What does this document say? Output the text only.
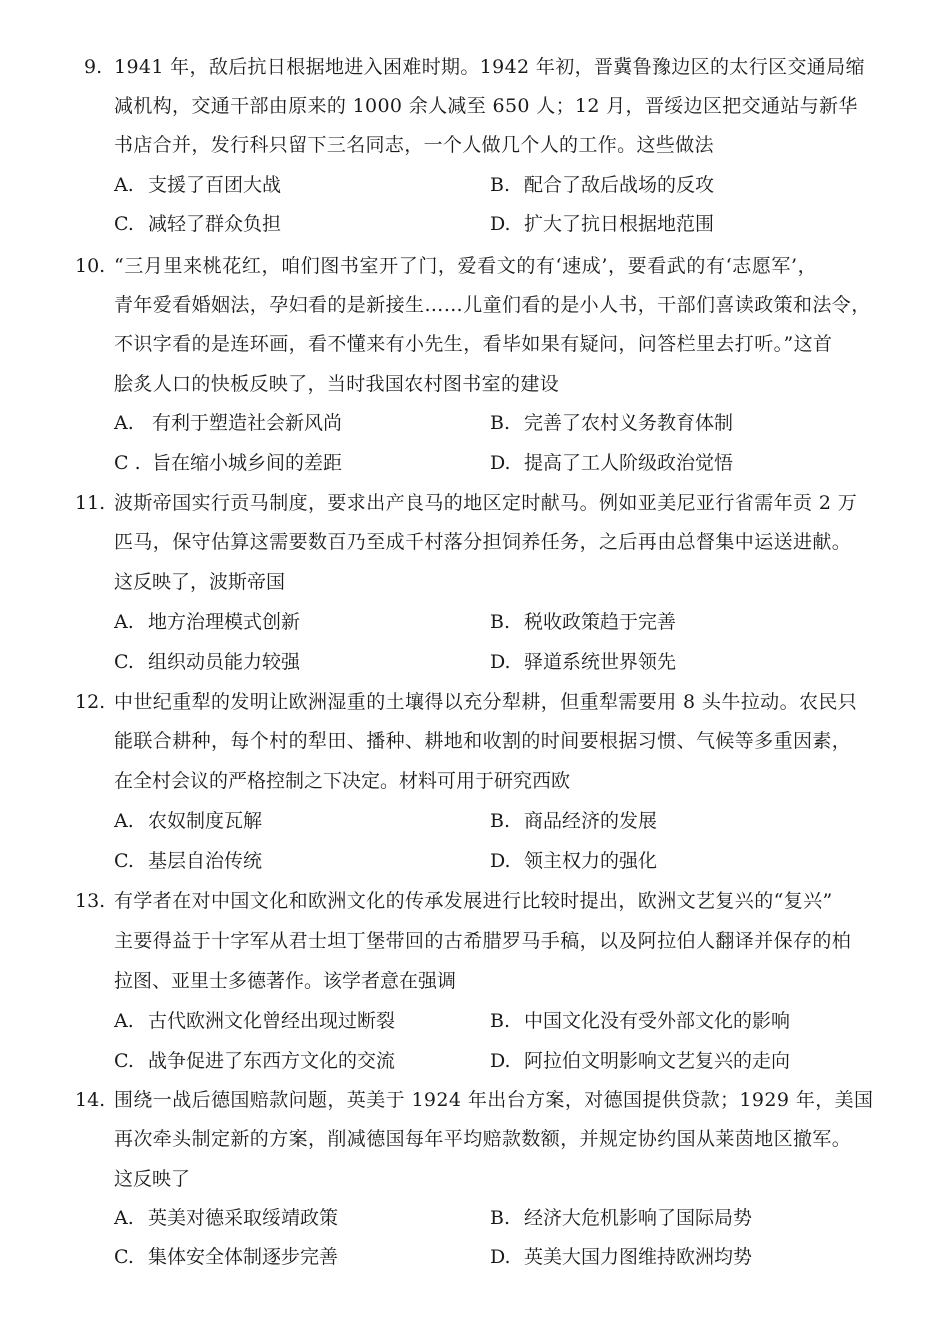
9. 1941 年，敌后抗日根据地进入困难时期。1942 年初，晋冀鲁豫边区的太行区交通局缩
减机构，交通干部由原来的 1000 余人减至 650 人；12 月，晋绥边区把交通站与新华
书店合并，发行科只留下三名同志，一个人做几个人的工作。这些做法
A. 支援了百团大战	B. 配合了敌后战场的反攻
C. 减轻了群众负担	D. 扩大了抗日根据地范围
10. “三月里来桃花红，咱们图书室开了门，爱看文的有‘速成’，要看武的有‘志愿军’，
青年爱看婚姻法，孕妇看的是新接生……儿童们看的是小人书，干部们喜读政策和法令，
不识字看的是连环画，看不懂来有小先生，看毕如果有疑问，问答栏里去打听。”这首
脍炙人口的快板反映了，当时我国农村图书室的建设
A. 有利于塑造社会新风尚	B. 完善了农村义务教育体制
C . 旨在缩小城乡间的差距	D. 提高了工人阶级政治觉悟
11. 波斯帝国实行贡马制度，要求出产良马的地区定时献马。例如亚美尼亚行省需年贡 2 万
匹马，保守估算这需要数百乃至成千村落分担饲养任务，之后再由总督集中运送进献。
这反映了，波斯帝国
A. 地方治理模式创新	B. 税收政策趋于完善
C. 组织动员能力较强	D. 驿道系统世界领先
12. 中世纪重犁的发明让欧洲湿重的土壤得以充分犁耕，但重犁需要用 8 头牛拉动。农民只
能联合耕种，每个村的犁田、播种、耕地和收割的时间要根据习惯、气候等多重因素，
在全村会议的严格控制之下决定。材料可用于研究西欧
A. 农奴制度瓦解	B. 商品经济的发展
C. 基层自治传统	D. 领主权力的强化
13. 有学者在对中国文化和欧洲文化的传承发展进行比较时提出，欧洲文艺复兴的“复兴”
主要得益于十字军从君士坦丁堡带回的古希腊罗马手稿，以及阿拉伯人翻译并保存的柏
拉图、亚里士多德著作。该学者意在强调
A. 古代欧洲文化曾经出现过断裂	B. 中国文化没有受外部文化的影响
C. 战争促进了东西方文化的交流	D. 阿拉伯文明影响文艺复兴的走向
14. 围绕一战后德国赔款问题，英美于 1924 年出台方案，对德国提供贷款；1929 年，美国
再次牵头制定新的方案，削减德国每年平均赔款数额，并规定协约国从莱茵地区撤军。
这反映了
A. 英美对德采取绥靖政策	B. 经济大危机影响了国际局势
C. 集体安全体制逐步完善	D. 英美大国力图维持欧洲均势
